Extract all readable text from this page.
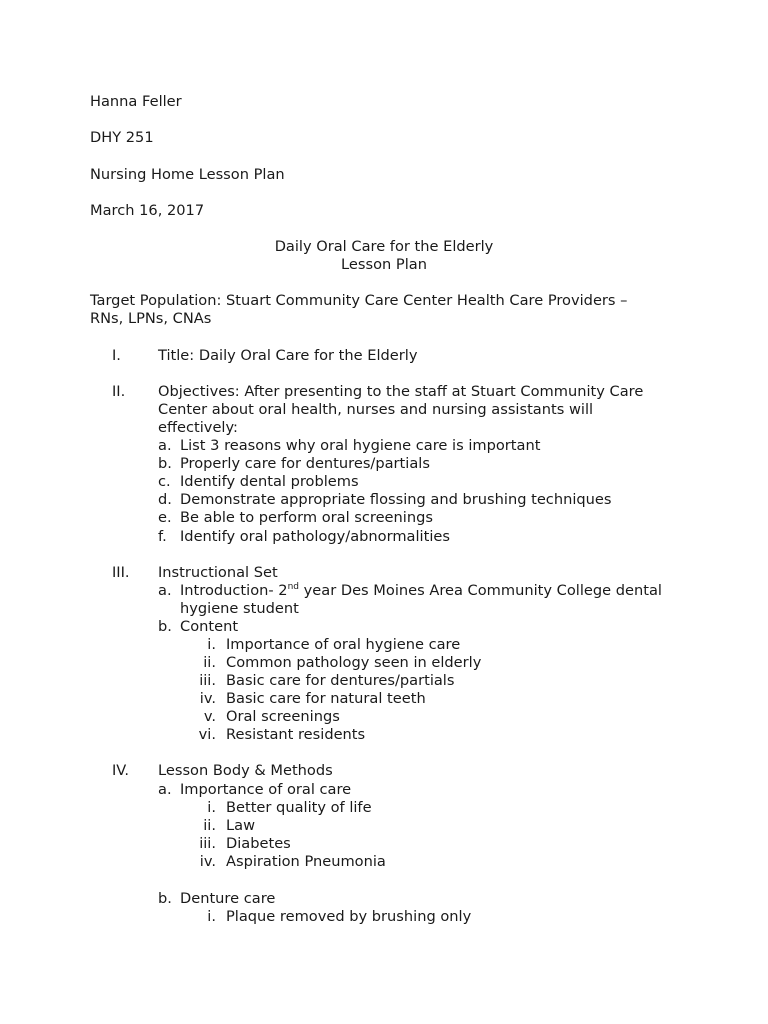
Hanna Feller
DHY 251
Nursing Home Lesson Plan
March 16, 2017
Daily Oral Care for the Elderly
Lesson Plan
Target Population: Stuart Community Care Center Health Care Providers –
RNs, LPNs, CNAs
I.	Title: Daily Oral Care for the Elderly
II. Objectives: After presenting to the staff at Stuart Community Care
Center about oral health, nurses and nursing assistants will
effectively:
a. List 3 reasons why oral hygiene care is important
b. Properly care for dentures/partials
c. Identify dental problems
d. Demonstrate appropriate flossing and brushing techniques
e. Be able to perform oral screenings
f. Identify oral pathology/abnormalities
III. Instructional Set
a. Introduction- 2nd year Des Moines Area Community College dental
hygiene student
b. Content
i. Importance of oral hygiene care
ii. Common pathology seen in elderly
iii. Basic care for dentures/partials
iv. Basic care for natural teeth
v. Oral screenings
vi. Resistant residents
IV. Lesson Body & Methods
a. Importance of oral care
i. Better quality of life
ii. Law
iii. Diabetes
iv. Aspiration Pneumonia
b. Denture care
i. Plaque removed by brushing only
